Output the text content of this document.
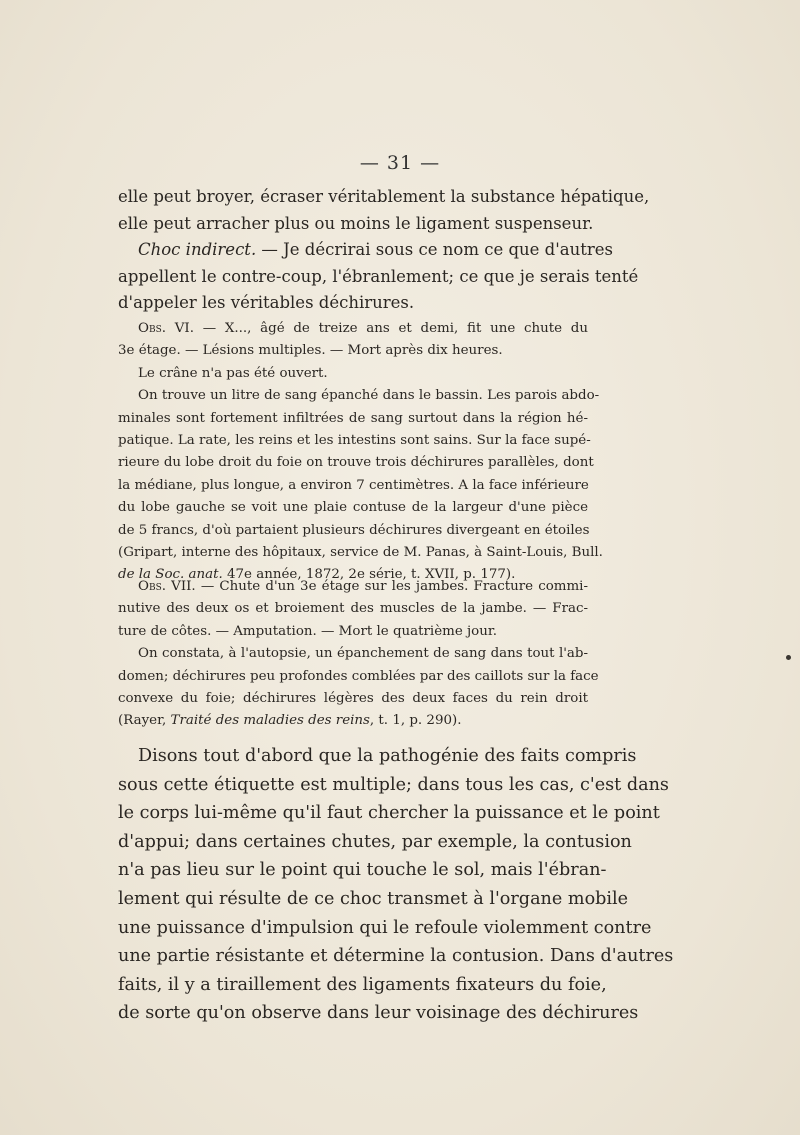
— 31 —
elle peut broyer, écraser véritablement la substance hépatique,
elle peut arracher plus ou moins le ligament suspenseur.
Choc indirect. — Je décrirai sous ce nom ce que d'autres
appellent le contre-coup, l'ébranlement; ce que je serais tenté
d'appeler les véritables déchirures.
Obs. VI. — X..., âgé de treize ans et demi, fit une chute du
3e étage. — Lésions multiples. — Mort après dix heures.
Le crâne n'a pas été ouvert.
On trouve un litre de sang épanché dans le bassin. Les parois abdo-
minales sont fortement infiltrées de sang surtout dans la région hé-
patique. La rate, les reins et les intestins sont sains. Sur la face supé-
rieure du lobe droit du foie on trouve trois déchirures parallèles, dont
la médiane, plus longue, a environ 7 centimètres. A la face inférieure
du lobe gauche se voit une plaie contuse de la largeur d'une pièce
de 5 francs, d'où partaient plusieurs déchirures divergeant en étoiles
(Gripart, interne des hôpitaux, service de M. Panas, à Saint-Louis, Bull.
de la Soc. anat. 47e année, 1872, 2e série, t. XVII, p. 177).
Obs. VII. — Chute d'un 3e étage sur les jambes. Fracture commi-
nutive des deux os et broiement des muscles de la jambe. — Frac-
ture de côtes. — Amputation. — Mort le quatrième jour.
On constata, à l'autopsie, un épanchement de sang dans tout l'ab-
domen; déchirures peu profondes comblées par des caillots sur la face
convexe du foie; déchirures légères des deux faces du rein droit
(Rayer, Traité des maladies des reins, t. 1, p. 290).
Disons tout d'abord que la pathogénie des faits compris
sous cette étiquette est multiple; dans tous les cas, c'est dans
le corps lui-même qu'il faut chercher la puissance et le point
d'appui; dans certaines chutes, par exemple, la contusion
n'a pas lieu sur le point qui touche le sol, mais l'ébran-
lement qui résulte de ce choc transmet à l'organe mobile
une puissance d'impulsion qui le refoule violemment contre
une partie résistante et détermine la contusion. Dans d'autres
faits, il y a tiraillement des ligaments fixateurs du foie,
de sorte qu'on observe dans leur voisinage des déchirures
